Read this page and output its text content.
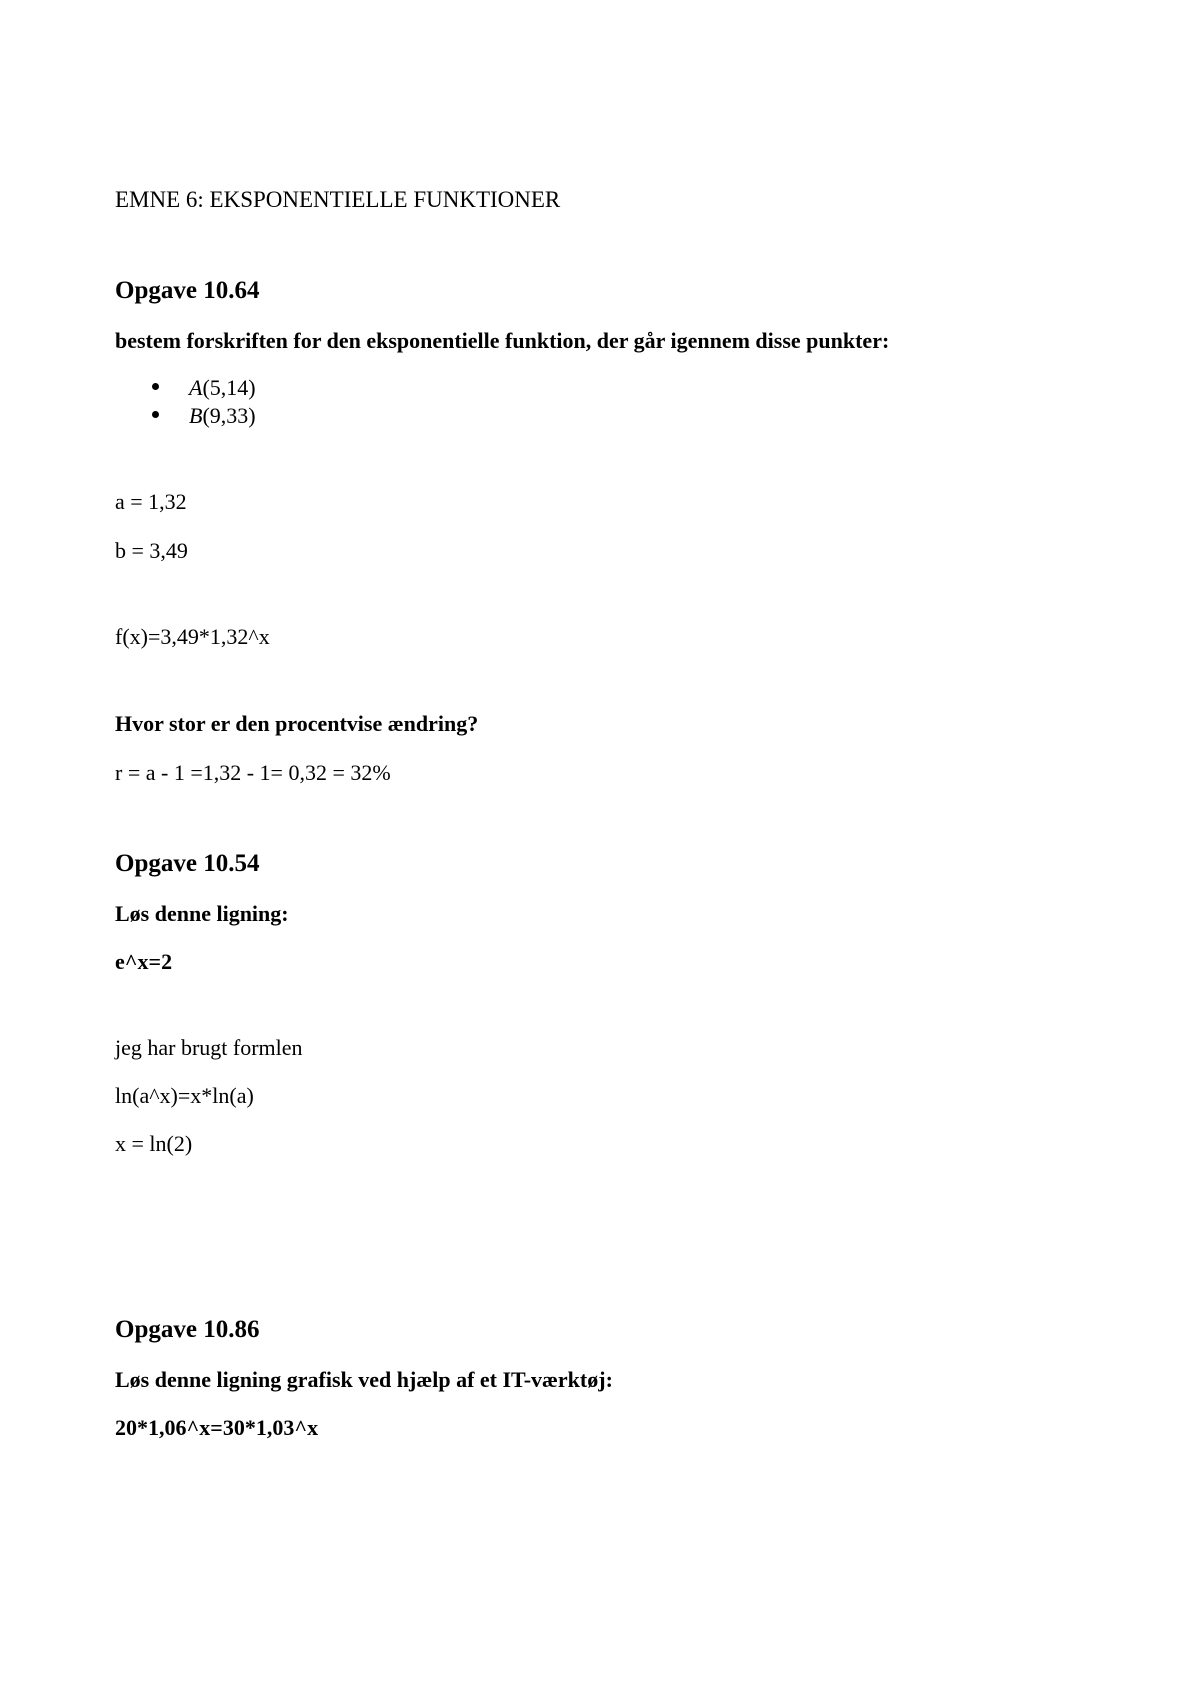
EMNE 6: EKSPONENTIELLE FUNKTIONER
Opgave 10.64
bestem forskriften for den eksponentielle funktion, der går igennem disse punkter:
A(5,14)
B(9,33)
a = 1,32
b = 3,49
f(x)=3,49*1,32^x
Hvor stor er den procentvise ændring?
r = a - 1 =1,32 - 1= 0,32 = 32%
Opgave 10.54
Løs denne ligning:
e^x=2
jeg har brugt formlen
ln(a^x)=x*ln(a)
x = ln(2)
Opgave 10.86
Løs denne ligning grafisk ved hjælp af et IT-værktøj:
20*1,06^x=30*1,03^x
